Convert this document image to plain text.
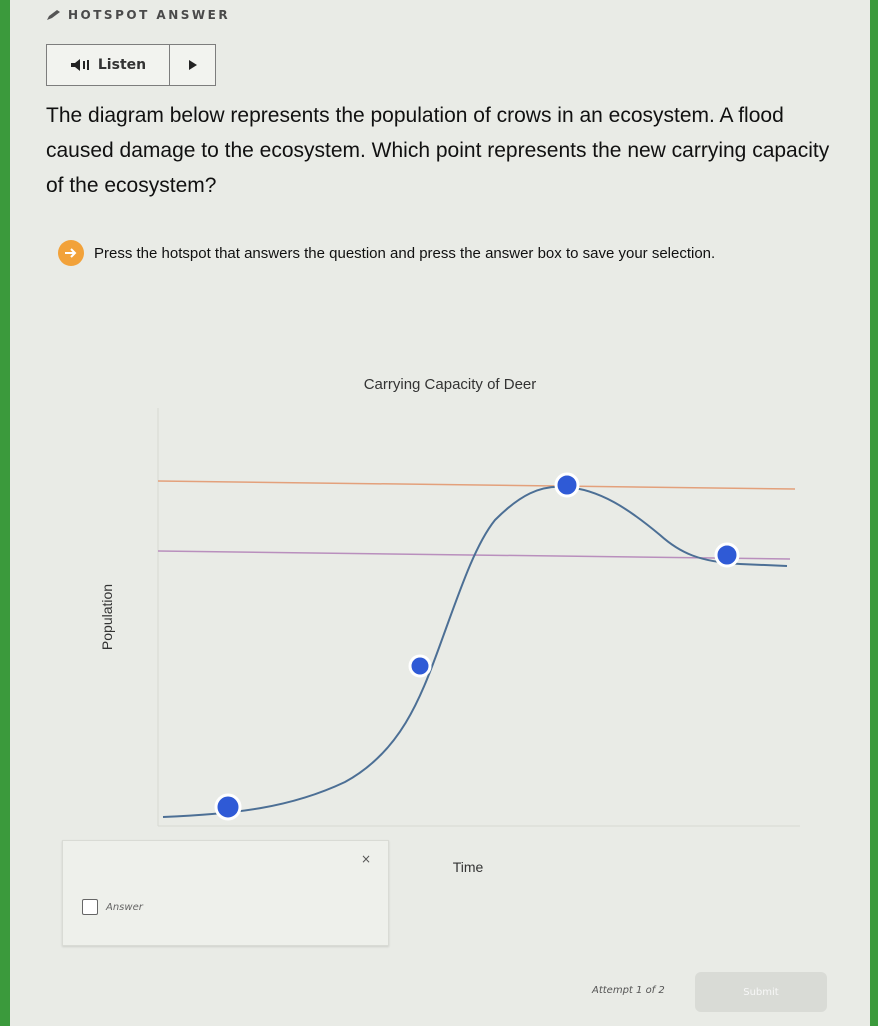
HOTSPOT ANSWER
Listen
The diagram below represents the population of crows in an ecosystem. A flood caused damage to the ecosystem. Which point represents the new carrying capacity of the ecosystem?
Press the hotspot that answers the question and press the answer box to save your selection.
Carrying Capacity of Deer
Population
Time
×
Answer
Attempt 1 of 2	Submit
